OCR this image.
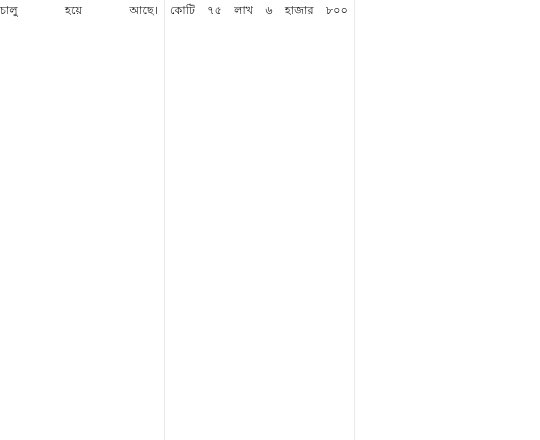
চালু হয়ে আছে। কোটি ৭৫ লাখ ৬ হাজার ৮০০
